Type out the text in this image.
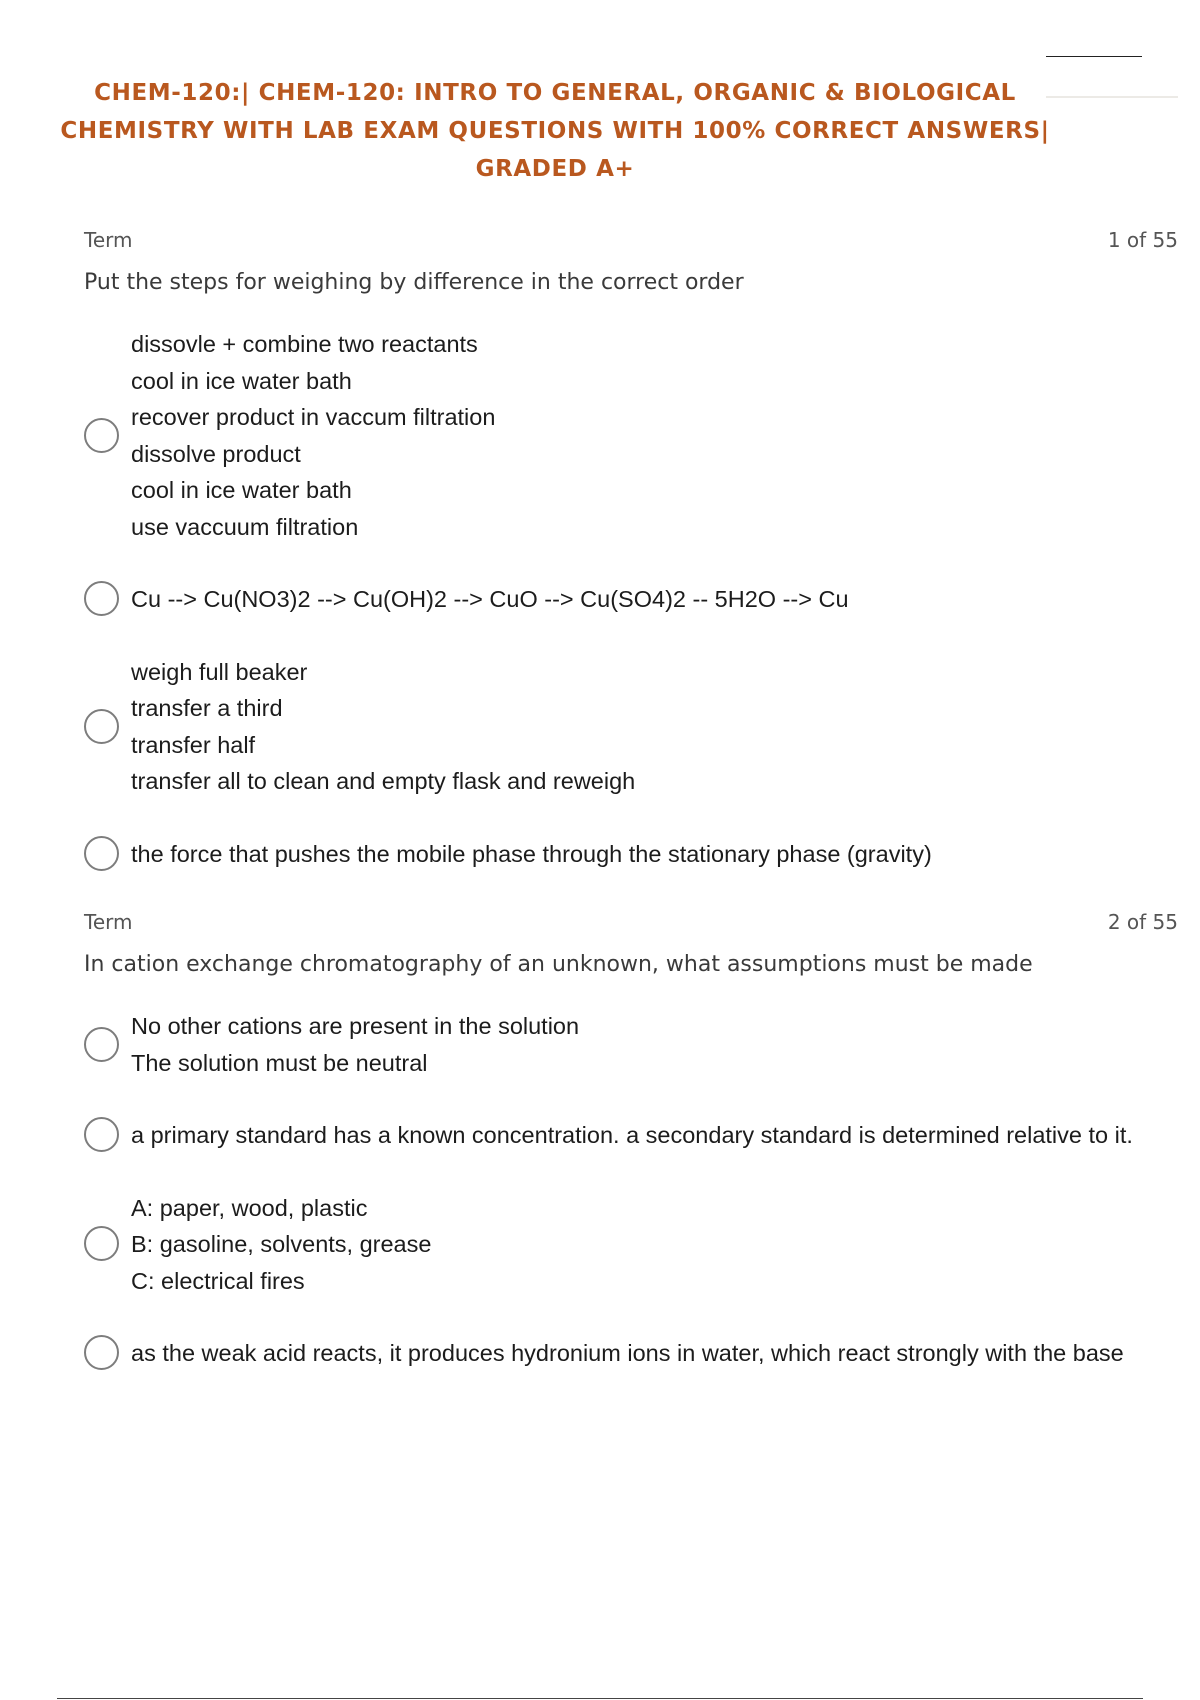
CHEM-120:| CHEM-120: INTRO TO GENERAL, ORGANIC & BIOLOGICAL CHEMISTRY WITH LAB EXAM QUESTIONS WITH 100% CORRECT ANSWERS| GRADED A+
Term	1 of 55
Put the steps for weighing by difference in the correct order
dissovle + combine two reactants
cool in ice water bath
recover product in vaccum filtration
dissolve product
cool in ice water bath
use vaccuum filtration
Cu --> Cu(NO3)2 --> Cu(OH)2 --> CuO --> Cu(SO4)2 -- 5H2O --> Cu
weigh full beaker
transfer a third
transfer half
transfer all to clean and empty flask and reweigh
the force that pushes the mobile phase through the stationary phase (gravity)
Term	2 of 55
In cation exchange chromatography of an unknown, what assumptions must be made
No other cations are present in the solution
The solution must be neutral
a primary standard has a known concentration. a secondary standard is determined relative to it.
A: paper, wood, plastic
B: gasoline, solvents, grease
C: electrical fires
as the weak acid reacts, it produces hydronium ions in water, which react strongly with the base
